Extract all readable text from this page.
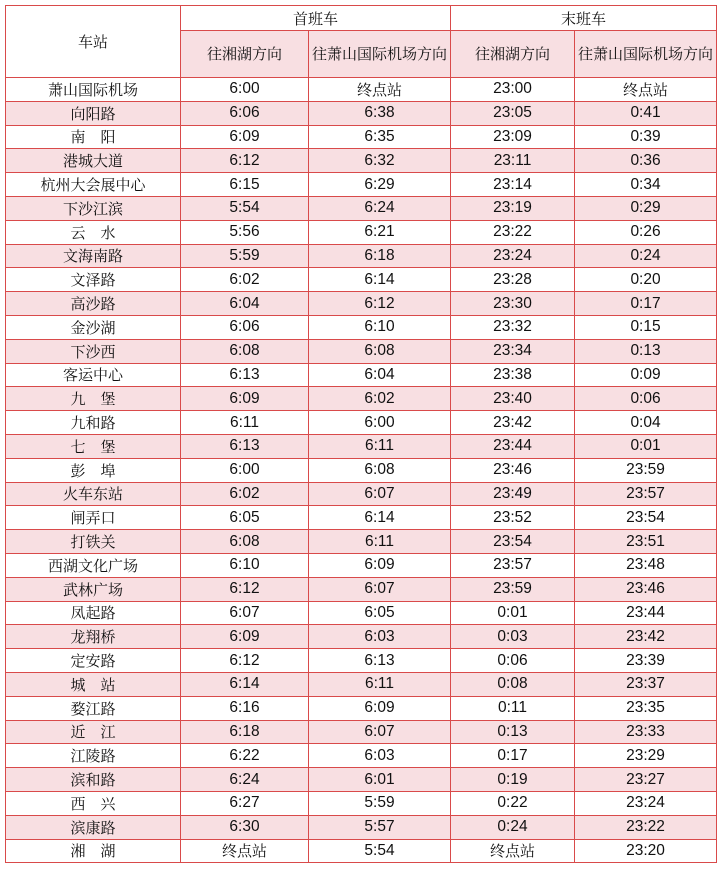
车站	首班车		末班车	
	往湘湖方向	往萧山国际机场方向	往湘湖方向	往萧山国际机场方向
萧山国际机场	6:00	终点站	23:00	终点站
向阳路	6:06	6:38	23:05	0:41
南　阳	6:09	6:35	23:09	0:39
港城大道	6:12	6:32	23:11	0:36
杭州大会展中心	6:15	6:29	23:14	0:34
下沙江滨	5:54	6:24	23:19	0:29
云　水	5:56	6:21	23:22	0:26
文海南路	5:59	6:18	23:24	0:24
文泽路	6:02	6:14	23:28	0:20
高沙路	6:04	6:12	23:30	0:17
金沙湖	6:06	6:10	23:32	0:15
下沙西	6:08	6:08	23:34	0:13
客运中心	6:13	6:04	23:38	0:09
九　堡	6:09	6:02	23:40	0:06
九和路	6:11	6:00	23:42	0:04
七　堡	6:13	6:11	23:44	0:01
彭　埠	6:00	6:08	23:46	23:59
火车东站	6:02	6:07	23:49	23:57
闸弄口	6:05	6:14	23:52	23:54
打铁关	6:08	6:11	23:54	23:51
西湖文化广场	6:10	6:09	23:57	23:48
武林广场	6:12	6:07	23:59	23:46
凤起路	6:07	6:05	0:01	23:44
龙翔桥	6:09	6:03	0:03	23:42
定安路	6:12	6:13	0:06	23:39
城　站	6:14	6:11	0:08	23:37
婺江路	6:16	6:09	0:11	23:35
近　江	6:18	6:07	0:13	23:33
江陵路	6:22	6:03	0:17	23:29
滨和路	6:24	6:01	0:19	23:27
西　兴	6:27	5:59	0:22	23:24
滨康路	6:30	5:57	0:24	23:22
湘　湖	终点站	5:54	终点站	23:20
